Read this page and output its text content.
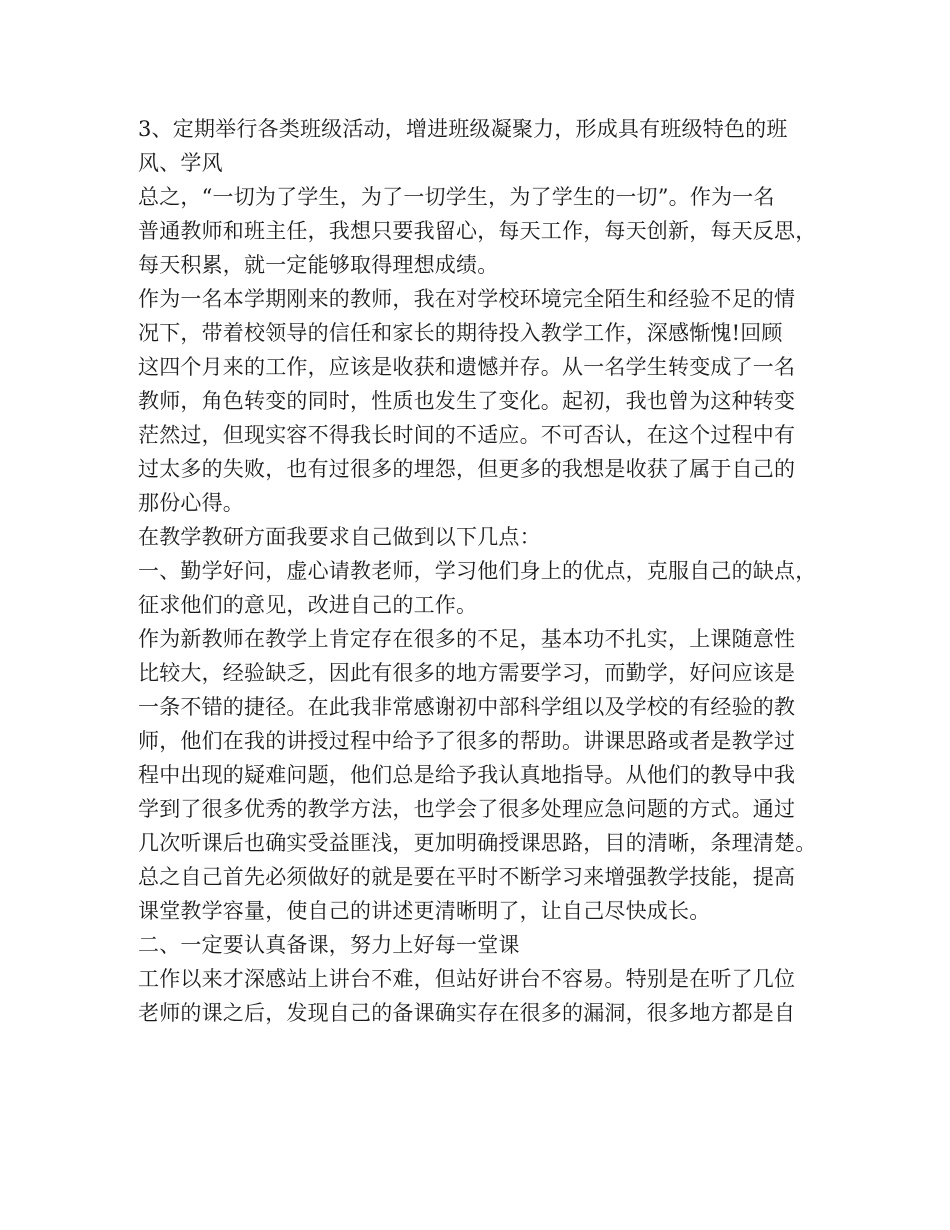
3、定期举行各类班级活动，增进班级凝聚力，形成具有班级特色的班
风、学风
总之，“一切为了学生，为了一切学生，为了学生的一切”。作为一名
普通教师和班主任，我想只要我留心，每天工作，每天创新，每天反思，
每天积累，就一定能够取得理想成绩。
作为一名本学期刚来的教师，我在对学校环境完全陌生和经验不足的情
况下，带着校领导的信任和家长的期待投入教学工作，深感惭愧!回顾
这四个月来的工作，应该是收获和遗憾并存。从一名学生转变成了一名
教师，角色转变的同时，性质也发生了变化。起初，我也曾为这种转变
茫然过，但现实容不得我长时间的不适应。不可否认，在这个过程中有
过太多的失败，也有过很多的埋怨，但更多的我想是收获了属于自己的
那份心得。
在教学教研方面我要求自己做到以下几点：
一、勤学好问，虚心请教老师，学习他们身上的优点，克服自己的缺点，
征求他们的意见，改进自己的工作。
作为新教师在教学上肯定存在很多的不足，基本功不扎实，上课随意性
比较大，经验缺乏，因此有很多的地方需要学习，而勤学，好问应该是
一条不错的捷径。在此我非常感谢初中部科学组以及学校的有经验的教
师，他们在我的讲授过程中给予了很多的帮助。讲课思路或者是教学过
程中出现的疑难问题，他们总是给予我认真地指导。从他们的教导中我
学到了很多优秀的教学方法，也学会了很多处理应急问题的方式。通过
几次听课后也确实受益匪浅，更加明确授课思路，目的清晰，条理清楚。
总之自己首先必须做好的就是要在平时不断学习来增强教学技能，提高
课堂教学容量，使自己的讲述更清晰明了，让自己尽快成长。
二、一定要认真备课，努力上好每一堂课
工作以来才深感站上讲台不难，但站好讲台不容易。特别是在听了几位
老师的课之后，发现自己的备课确实存在很多的漏洞，很多地方都是自
